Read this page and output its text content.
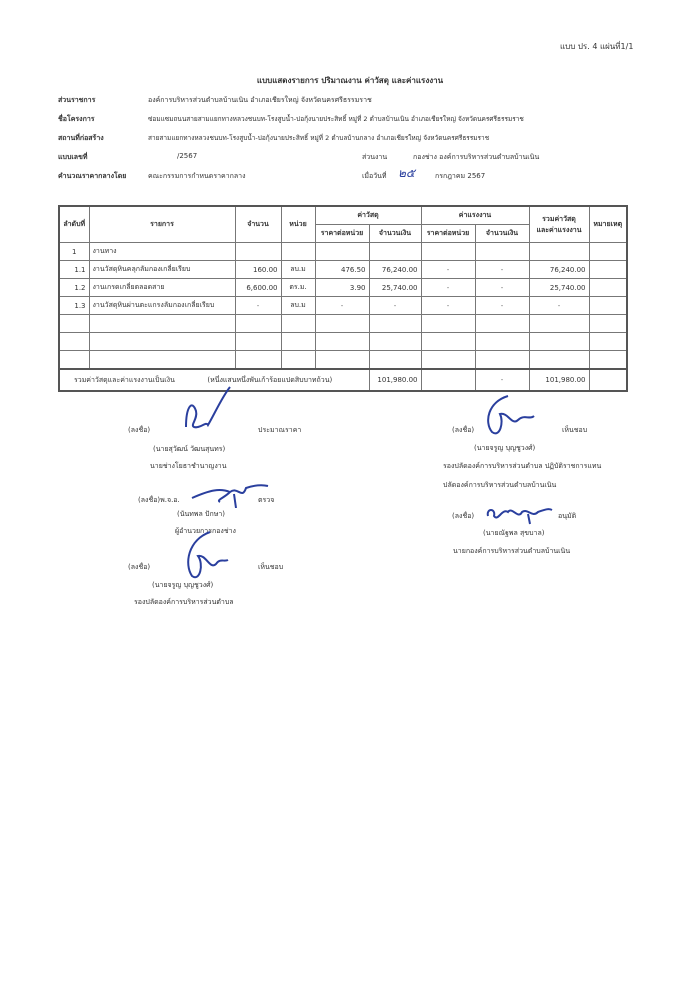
แบบ ปร. 4 แผ่นที่1/1
แบบแสดงรายการ ปริมาณงาน ค่าวัสดุ และค่าแรงงาน
ส่วนราชการ	องค์การบริหารส่วนตำบลบ้านเนิน อำเภอเชียรใหญ่ จังหวัดนครศรีธรรมราช
ชื่อโครงการ	ซ่อมแซมถนนสายสามแยกทางหลวงชนบท-โรงสูบน้ำ-บ่อกุ้งนายประสิทธิ์ หมู่ที่ 2 ตำบลบ้านเนิน อำเภอเชียรใหญ่ จังหวัดนครศรีธรรมราช
สถานที่ก่อสร้าง	สายสามแยกทางหลวงชนบท-โรงสูบน้ำ-บ่อกุ้งนายประสิทธิ์ หมู่ที่ 2 ตำบลบ้านกลาง อำเภอเชียรใหญ่ จังหวัดนครศรีธรรมราช
แบบเลขที่	/2567	ส่วนงาน	กองช่าง องค์การบริหารส่วนตำบลบ้านเนิน
คำนวณราคากลางโดย	คณะกรรมการกำหนดราคากลาง	เมื่อวันที่ ๒๕	กรกฎาคม 2567
ลำดับที่	รายการ	จำนวน	หน่วย	ค่าวัสดุ		ค่าแรงงาน		รวมค่าวัสดุ
และค่าแรงงาน	หมายเหตุ
				ราคาต่อหน่วย	จำนวนเงิน	ราคาต่อหน่วย	จำนวนเงิน		
1	งานทาง								
1.1	งานวัสดุหินคลุกลัมกองเกลี่ยเรียบ	160.00	ลบ.ม	476.50	76,240.00	-	-	76,240.00	
1.2	งานเกรดเกลี่ยตลอดสาย	6,600.00	ตร.ม.	3.90	25,740.00	-	-	25,740.00	
1.3	งานวัสดุหินผ่านตะแกรงลัมกองเกลี่ยเรียบ	-	ลบ.ม	-	-	-	-	-	

รวมค่าวัสดุและค่าแรงงานเป็นเงิน (หนึ่งแสนหนึ่งพันเก้าร้อยแปดสิบบาทถ้วน)					101,980.00		-	101,980.00	
(ลงชื่อ)	ประมาณราคา
(นายสุวัฒน์ วัฒนสุนทร)
นายช่างโยธาชำนาญงาน
(ลงชื่อ)	เห็นชอบ
(นายจรูญ บุญชูวงศ์)
รองปลัดองค์การบริหารส่วนตำบล ปฏิบัติราชการแทน
ปลัดองค์การบริหารส่วนตำบลบ้านเนิน
(ลงชื่อ)พ.จ.อ.	ตรวจ
(นันทพล ปักษา)
ผู้อำนวยการกองช่าง
(ลงชื่อ)	อนุมัติ
(นายณัฐพล สุขบาล)
นายกองค์การบริหารส่วนตำบลบ้านเนิน
(ลงชื่อ)	เห็นชอบ
(นายจรูญ บุญชูวงศ์)
รองปลัดองค์การบริหารส่วนตำบล
